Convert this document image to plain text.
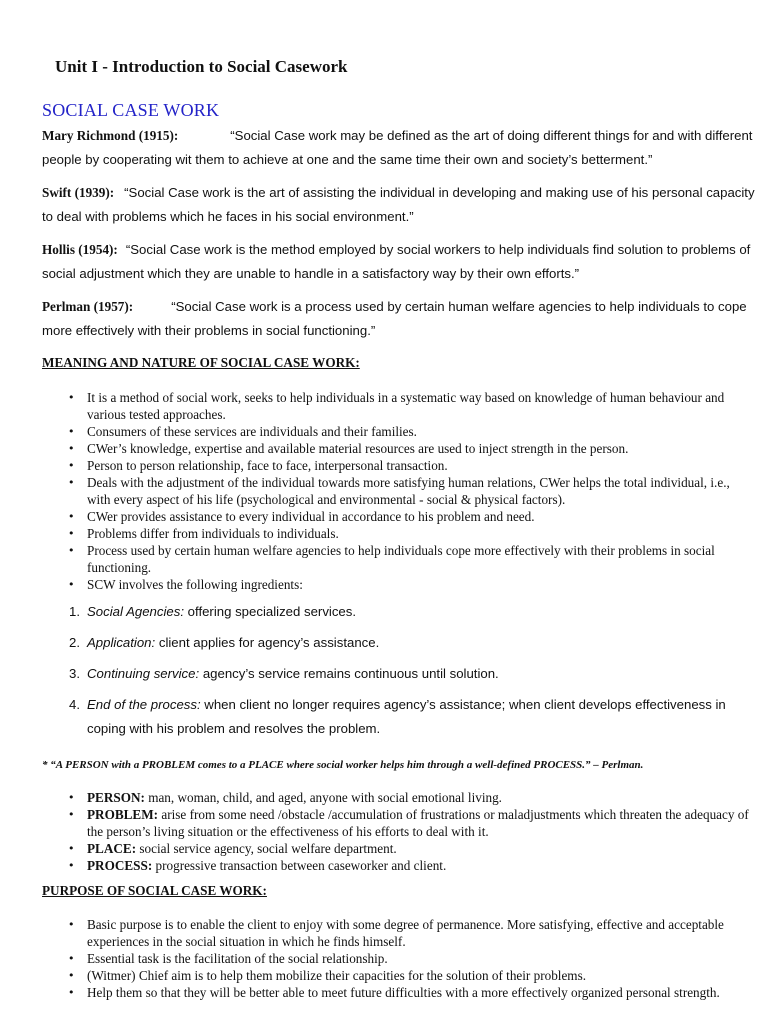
Unit I - Introduction to Social Casework
SOCIAL CASE WORK

Mary Richmond (1915):	“Social Case work may be defined as the art of doing different things for and with different people by cooperating wit them to achieve at one and the same time their own and society’s betterment.”

Swift (1939): “Social Case work is the art of assisting the individual in developing and making use of his personal capacity to deal with problems which he faces in his social environment.”

Hollis (1954): “Social Case work is the method employed by social workers to help individuals find solution to problems of social adjustment which they are unable to handle in a satisfactory way by their own efforts.”

Perlman (1957):	“Social Case work is a process used by certain human welfare agencies to help individuals to cope more effectively with their problems in social functioning.”

MEANING AND NATURE OF SOCIAL CASE WORK:
• It is a method of social work, seeks to help individuals in a systematic way based on knowledge of human behaviour and various tested approaches.
• Consumers of these services are individuals and their families.
• CWer’s knowledge, expertise and available material resources are used to inject strength in the person.
• Person to person relationship, face to face, interpersonal transaction.
• Deals with the adjustment of the individual towards more satisfying human relations, CWer helps the total individual, i.e., with every aspect of his life (psychological and environmental - social & physical factors).
• CWer provides assistance to every individual in accordance to his problem and need.
• Problems differ from individuals to individuals.
• Process used by certain human welfare agencies to help individuals cope more effectively with their problems in social functioning.
• SCW involves the following ingredients:
1. Social Agencies: offering specialized services.
2. Application: client applies for agency’s assistance.
3. Continuing service: agency’s service remains continuous until solution.
4. End of the process: when client no longer requires agency’s assistance; when client develops effectiveness in coping with his problem and resolves the problem.

* “A PERSON with a PROBLEM comes to a PLACE where social worker helps him through a well-defined PROCESS.” – Perlman.

• PERSON: man, woman, child, and aged, anyone with social emotional living.
• PROBLEM: arise from some need /obstacle /accumulation of frustrations or maladjustments which threaten the adequacy of the person’s living situation or the effectiveness of his efforts to deal with it.
• PLACE: social service agency, social welfare department.
• PROCESS: progressive transaction between caseworker and client.
PURPOSE OF SOCIAL CASE WORK:
• Basic purpose is to enable the client to enjoy with some degree of permanence. More satisfying, effective and acceptable experiences in the social situation in which he finds himself.
• Essential task is the facilitation of the social relationship.
• (Witmer) Chief aim is to help them mobilize their capacities for the solution of their problems.
• Help them so that they will be better able to meet future difficulties with a more effectively organized personal strength.
